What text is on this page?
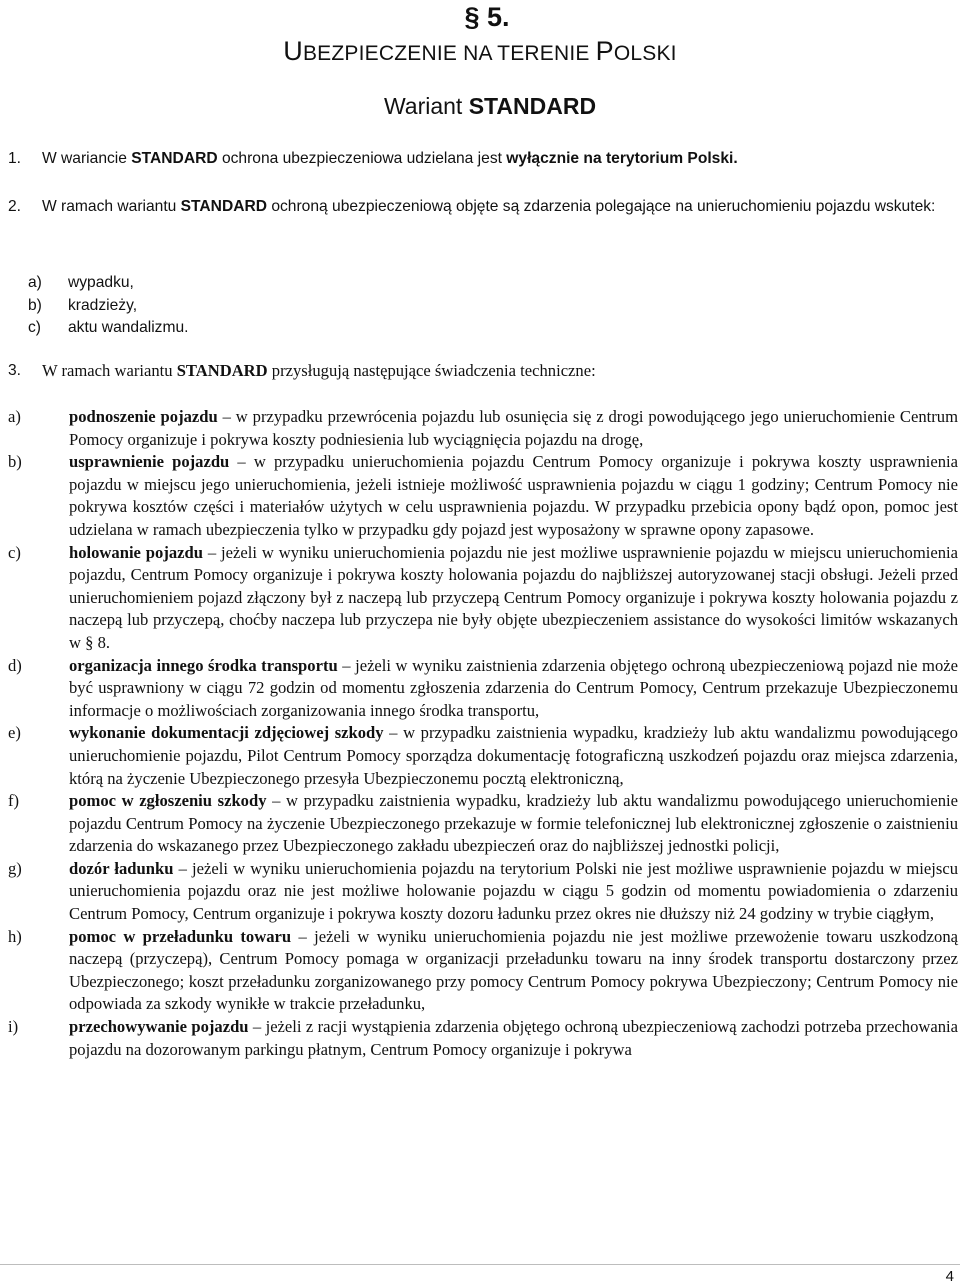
§ 5.
UBEZPIECZENIE NA TERENIE POLSKI
Wariant STANDARD
1.	W wariancie STANDARD ochrona ubezpieczeniowa udzielana jest wyłącznie na terytorium Polski.
2.	W ramach wariantu STANDARD ochroną ubezpieczeniową objęte są zdarzenia polegające na unieruchomieniu pojazdu wskutek:
a)	wypadku,
b)	kradzieży,
c)	aktu wandalizmu.
3.	W ramach wariantu STANDARD przysługują następujące świadczenia techniczne:
a)	podnoszenie pojazdu – w przypadku przewrócenia pojazdu lub osunięcia się z drogi powodującego jego unieruchomienie Centrum Pomocy organizuje i pokrywa koszty podniesienia lub wyciągnięcia pojazdu na drogę,
b)	usprawnienie pojazdu – w przypadku unieruchomienia pojazdu Centrum Pomocy organizuje i pokrywa koszty usprawnienia pojazdu w miejscu jego unieruchomienia, jeżeli istnieje możliwość usprawnienia pojazdu w ciągu 1 godziny; Centrum Pomocy nie pokrywa kosztów części i materiałów użytych w celu usprawnienia pojazdu. W przypadku przebicia opony bądź opon, pomoc jest udzielana w ramach ubezpieczenia tylko w przypadku gdy pojazd jest wyposażony w sprawne opony zapasowe.
c)	holowanie pojazdu – jeżeli w wyniku unieruchomienia pojazdu nie jest możliwe usprawnienie pojazdu w miejscu unieruchomienia pojazdu, Centrum Pomocy organizuje i pokrywa koszty holowania pojazdu do najbliższej autoryzowanej stacji obsługi. Jeżeli przed unieruchomieniem pojazd złączony był z naczepą lub przyczepą Centrum Pomocy organizuje i pokrywa koszty holowania pojazdu z naczepą lub przyczepą, choćby naczepa lub przyczepa nie były objęte ubezpieczeniem assistance do wysokości limitów wskazanych w § 8.
d)	organizacja innego środka transportu – jeżeli w wyniku zaistnienia zdarzenia objętego ochroną ubezpieczeniową pojazd nie może być usprawniony w ciągu 72 godzin od momentu zgłoszenia zdarzenia do Centrum Pomocy, Centrum przekazuje Ubezpieczonemu informacje o możliwościach zorganizowania innego środka transportu,
e)	wykonanie dokumentacji zdjęciowej szkody – w przypadku zaistnienia wypadku, kradzieży lub aktu wandalizmu powodującego unieruchomienie pojazdu, Pilot Centrum Pomocy sporządza dokumentację fotograficzną uszkodzeń pojazdu oraz miejsca zdarzenia, którą na życzenie Ubezpieczonego przesyła Ubezpieczonemu pocztą elektroniczną,
f)	pomoc w zgłoszeniu szkody – w przypadku zaistnienia wypadku, kradzieży lub aktu wandalizmu powodującego unieruchomienie pojazdu Centrum Pomocy na życzenie Ubezpieczonego przekazuje w formie telefonicznej lub elektronicznej zgłoszenie o zaistnieniu zdarzenia do wskazanego przez Ubezpieczonego zakładu ubezpieczeń oraz do najbliższej jednostki policji,
g)	dozór ładunku – jeżeli w wyniku unieruchomienia pojazdu na terytorium Polski nie jest możliwe usprawnienie pojazdu w miejscu unieruchomienia pojazdu oraz nie jest możliwe holowanie pojazdu w ciągu 5 godzin od momentu powiadomienia o zdarzeniu Centrum Pomocy, Centrum organizuje i pokrywa koszty dozoru ładunku przez okres nie dłuższy niż 24 godziny w trybie ciągłym,
h)	pomoc w przeładunku towaru – jeżeli w wyniku unieruchomienia pojazdu nie jest możliwe przewożenie towaru uszkodzoną naczepą (przyczepą), Centrum Pomocy pomaga w organizacji przeładunku towaru na inny środek transportu dostarczony przez Ubezpieczonego; koszt przeładunku zorganizowanego przy pomocy Centrum Pomocy pokrywa Ubezpieczony; Centrum Pomocy nie odpowiada za szkody wynikłe w trakcie przeładunku,
i)	przechowywanie pojazdu – jeżeli z racji wystąpienia zdarzenia objętego ochroną ubezpieczeniową zachodzi potrzeba przechowania pojazdu na dozorowanym parkingu płatnym, Centrum Pomocy organizuje i pokrywa
4
